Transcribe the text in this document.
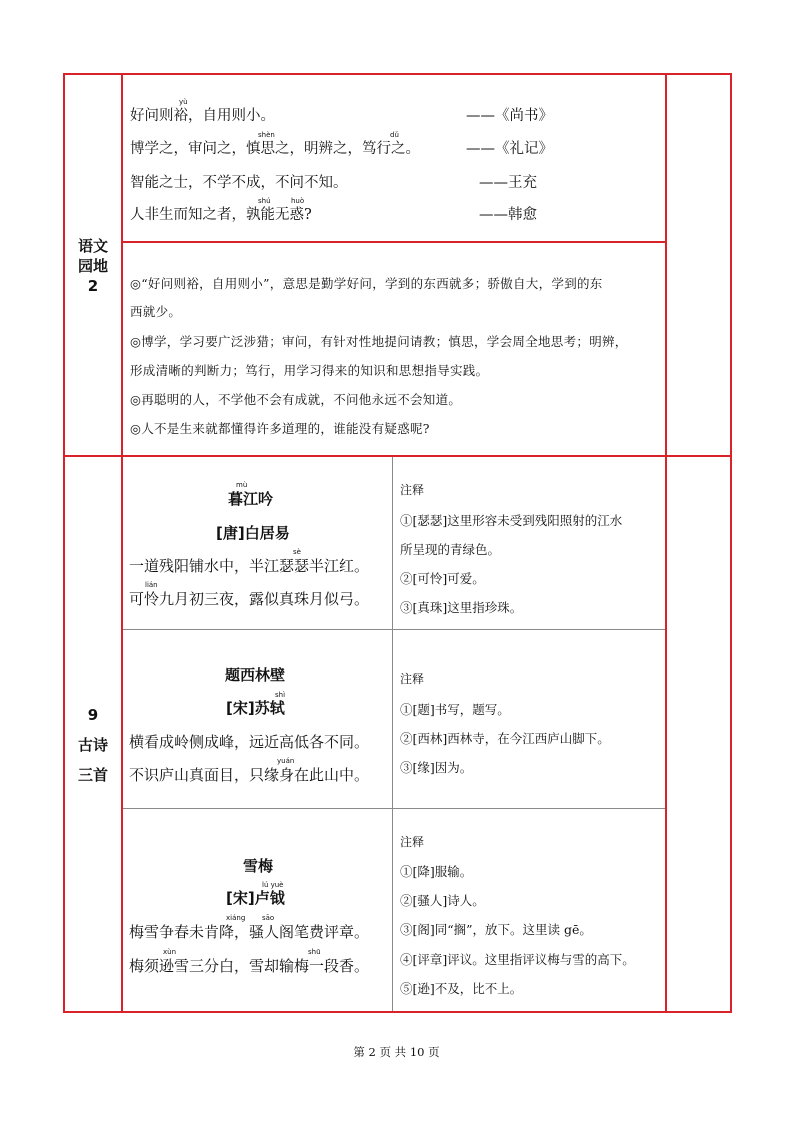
语文
园地
2
yù
好问则裕，自用则小。	——《尚书》
shèn	dǔ
博学之，审问之，慎思之，明辨之，笃行之。	——《礼记》
智能之士，不学不成，不问不知。	——王充
shú	huò
人非生而知之者，孰能无惑?	——韩愈
◎“好问则裕，自用则小”，意思是勤学好问，学到的东西就多；骄傲自大，学到的东
西就少。
◎博学，学习要广泛涉猎；审问，有针对性地提问请教；慎思，学会周全地思考；明辨，
形成清晰的判断力；笃行，用学习得来的知识和思想指导实践。
◎再聪明的人，不学他不会有成就，不问他永远不会知道。
◎人不是生来就都懂得许多道理的，谁能没有疑惑呢?
9
古诗
三首
mù
暮江吟
[唐]白居易
sè
一道残阳铺水中，半江瑟瑟半江红。
lián
可怜九月初三夜，露似真珠月似弓。
注释
①[瑟瑟]这里形容未受到残阳照射的江水
所呈现的青绿色。
②[可怜]可爱。
③[真珠]这里指珍珠。
题西林壁
shì
[宋]苏轼
横看成岭侧成峰，远近高低各不同。
yuán
不识庐山真面目，只缘身在此山中。
注释
①[题]书写，题写。
②[西林]西林寺，在今江西庐山脚下。
③[缘]因为。
雪梅
lú yuè
[宋]卢钺
xiáng sāo
梅雪争春未肯降，骚人阁笔费评章。
xùn	shū
梅须逊雪三分白，雪却输梅一段香。
注释
①[降]服输。
②[骚人]诗人。
③[阁]同“搁”，放下。这里读 gē。
④[评章]评议。这里指评议梅与雪的高下。
⑤[逊]不及，比不上。
第 2 页 共 10 页
